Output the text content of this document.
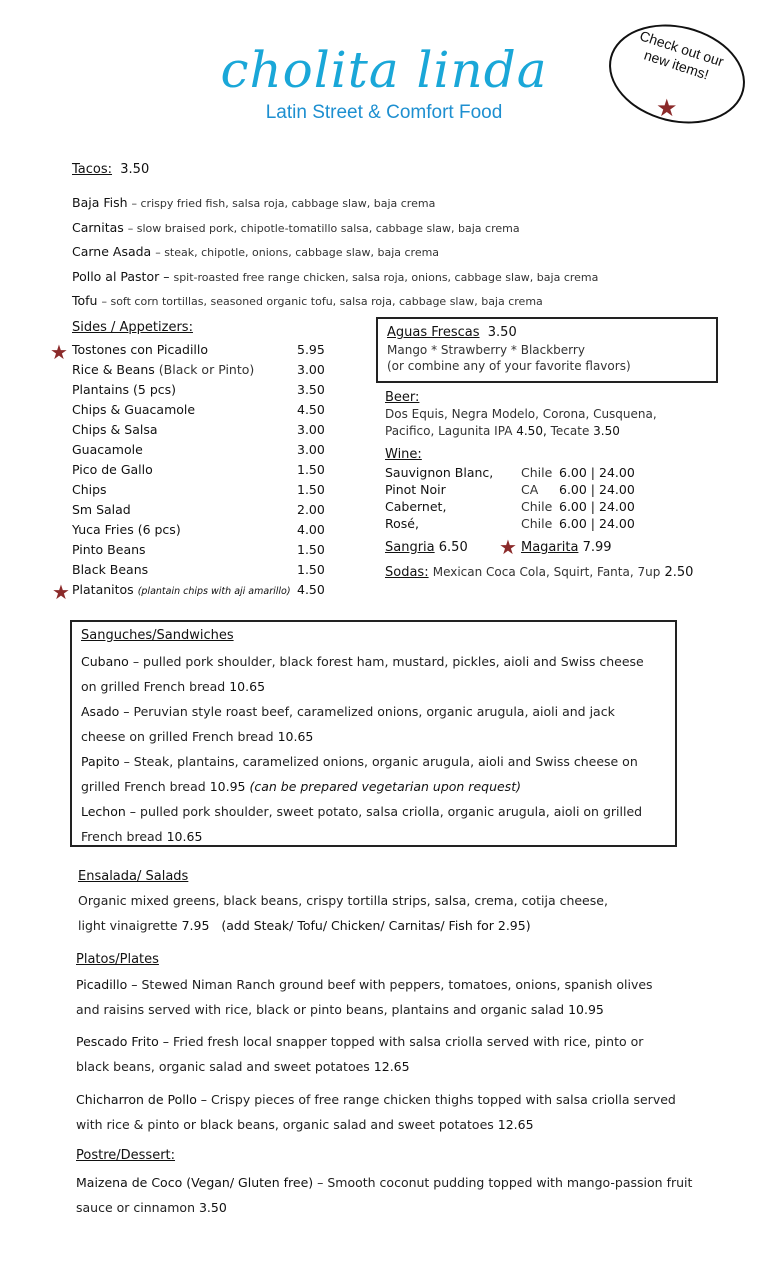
cholita linda
Latin Street & Comfort Food
Check out our new items!
★
Tacos: 3.50
Baja Fish – crispy fried fish, salsa roja, cabbage slaw, baja crema
Carnitas – slow braised pork, chipotle-tomatillo salsa, cabbage slaw, baja crema
Carne Asada – steak, chipotle, onions, cabbage slaw, baja crema
Pollo al Pastor – spit-roasted free range chicken, salsa roja, onions, cabbage slaw, baja crema
Tofu – soft corn tortillas, seasoned organic tofu, salsa roja, cabbage slaw, baja crema
Sides / Appetizers:
★ Tostones con Picadillo	5.95
Rice & Beans (Black or Pinto)	3.00
Plantains (5 pcs)	3.50
Chips & Guacamole	4.50
Chips & Salsa	3.00
Guacamole	3.00
Pico de Gallo	1.50
Chips	1.50
Sm Salad	2.00
Yuca Fries (6 pcs)	4.00
Pinto Beans	1.50
Black Beans	1.50
Platanitos (plantain chips with aji amarillo) 4.50
★
Aguas Frescas 3.50
Mango * Strawberry * Blackberry
(or combine any of your favorite flavors)
Beer:
Dos Equis, Negra Modelo, Corona, Cusquena,
Pacifico, Lagunita IPA 4.50, Tecate 3.50
Wine:
Sauvignon Blanc,	Chile	6.00 | 24.00
Pinot Noir	CA	6.00 | 24.00
Cabernet,	Chile	6.00 | 24.00
Rosé,	Chile	6.00 | 24.00
Sangria 6.50 ★ Magarita 7.99
Sodas: Mexican Coca Cola, Squirt, Fanta, 7up 2.50
Sanguches/Sandwiches
Cubano – pulled pork shoulder, black forest ham, mustard, pickles, aioli and Swiss cheese on grilled French bread 10.65
Asado – Peruvian style roast beef, caramelized onions, organic arugula, aioli and jack cheese on grilled French bread 10.65
Papito – Steak, plantains, caramelized onions, organic arugula, aioli and Swiss cheese on grilled French bread 10.95 (can be prepared vegetarian upon request)
Lechon – pulled pork shoulder, sweet potato, salsa criolla, organic arugula, aioli on grilled French bread 10.65
Ensalada/ Salads
Organic mixed greens, black beans, crispy tortilla strips, salsa, crema, cotija cheese, light vinaigrette 7.95 (add Steak/ Tofu/ Chicken/ Carnitas/ Fish for 2.95)
Platos/Plates
Picadillo – Stewed Niman Ranch ground beef with peppers, tomatoes, onions, spanish olives and raisins served with rice, black or pinto beans, plantains and organic salad 10.95
Pescado Frito – Fried fresh local snapper topped with salsa criolla served with rice, pinto or black beans, organic salad and sweet potatoes 12.65
Chicharron de Pollo – Crispy pieces of free range chicken thighs topped with salsa criolla served with rice & pinto or black beans, organic salad and sweet potatoes 12.65
Postre/Dessert:
Maizena de Coco (Vegan/ Gluten free) – Smooth coconut pudding topped with mango-passion fruit sauce or cinnamon 3.50
